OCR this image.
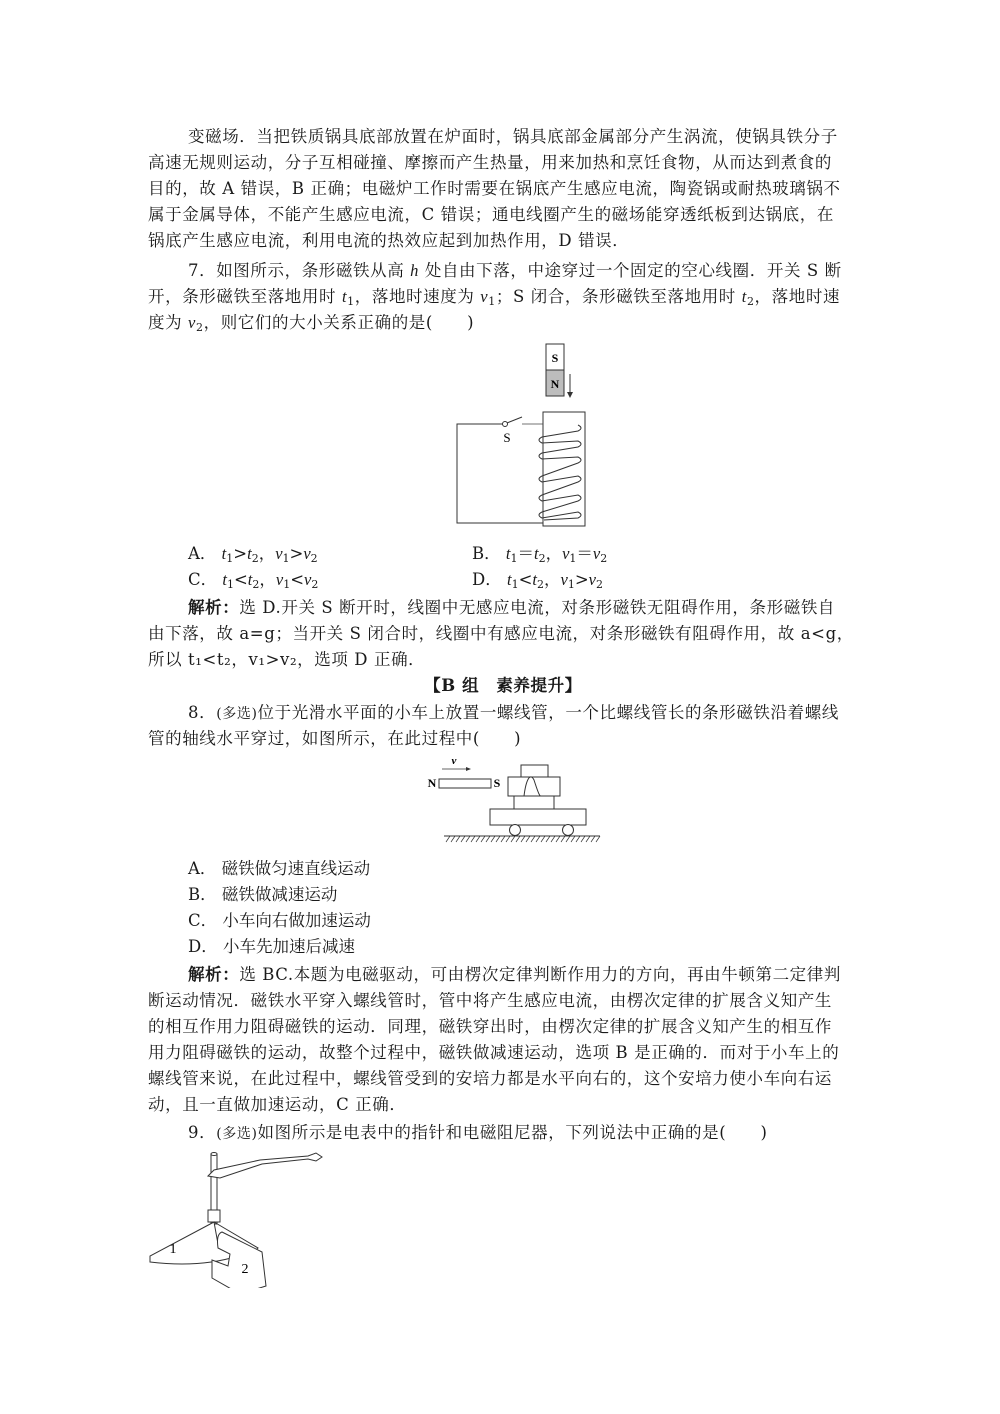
变磁场．当把铁质锅具底部放置在炉面时，锅具底部金属部分产生涡流，使锅具铁分子
高速无规则运动，分子互相碰撞、摩擦而产生热量，用来加热和烹饪食物，从而达到煮食的
目的，故 A 错误，B 正确；电磁炉工作时需要在锅底产生感应电流，陶瓷锅或耐热玻璃锅不
属于金属导体，不能产生感应电流，C 错误；通电线圈产生的磁场能穿透纸板到达锅底，在
锅底产生感应电流，利用电流的热效应起到加热作用，D 错误．
7．如图所示，条形磁铁从高 h 处自由下落，中途穿过一个固定的空心线圈．开关 S 断
开，条形磁铁至落地用时 $t_1$，落地时速度为 $v_1$；S 闭合，条形磁铁至落地用时 $t_2$，落地时速
度为 $v_2$，则它们的大小关系正确的是(　　)
S
N
S
A． $t_1>t_2$，$v_1>v_2$	B． $t_1=t_2$，$v_1=v_2$
C． $t_1<t_2$，$v_1<v_2$	D． $t_1<t_2$，$v_1>v_2$
解析：选 D.开关 S 断开时，线圈中无感应电流，对条形磁铁无阻碍作用，条形磁铁自
由下落，故 a=g；当开关 S 闭合时，线圈中有感应电流，对条形磁铁有阻碍作用，故 a<g，
所以 t₁<t₂，v₁>v₂，选项 D 正确．
【B 组　素养提升】
8．(多选)位于光滑水平面的小车上放置一螺线管，一个比螺线管长的条形磁铁沿着螺线
管的轴线水平穿过，如图所示，在此过程中(　　)
v
N	S
A． 磁铁做匀速直线运动
B． 磁铁做减速运动
C． 小车向右做加速运动
D． 小车先加速后减速
解析：选 BC.本题为电磁驱动，可由楞次定律判断作用力的方向，再由牛顿第二定律判
断运动情况．磁铁水平穿入螺线管时，管中将产生感应电流，由楞次定律的扩展含义知产生
的相互作用力阻碍磁铁的运动．同理，磁铁穿出时，由楞次定律的扩展含义知产生的相互作
用力阻碍磁铁的运动，故整个过程中，磁铁做减速运动，选项 B 是正确的．而对于小车上的
螺线管来说，在此过程中，螺线管受到的安培力都是水平向右的，这个安培力使小车向右运
动，且一直做加速运动，C 正确．
9．(多选)如图所示是电表中的指针和电磁阻尼器，下列说法中正确的是(　　)
1
2
